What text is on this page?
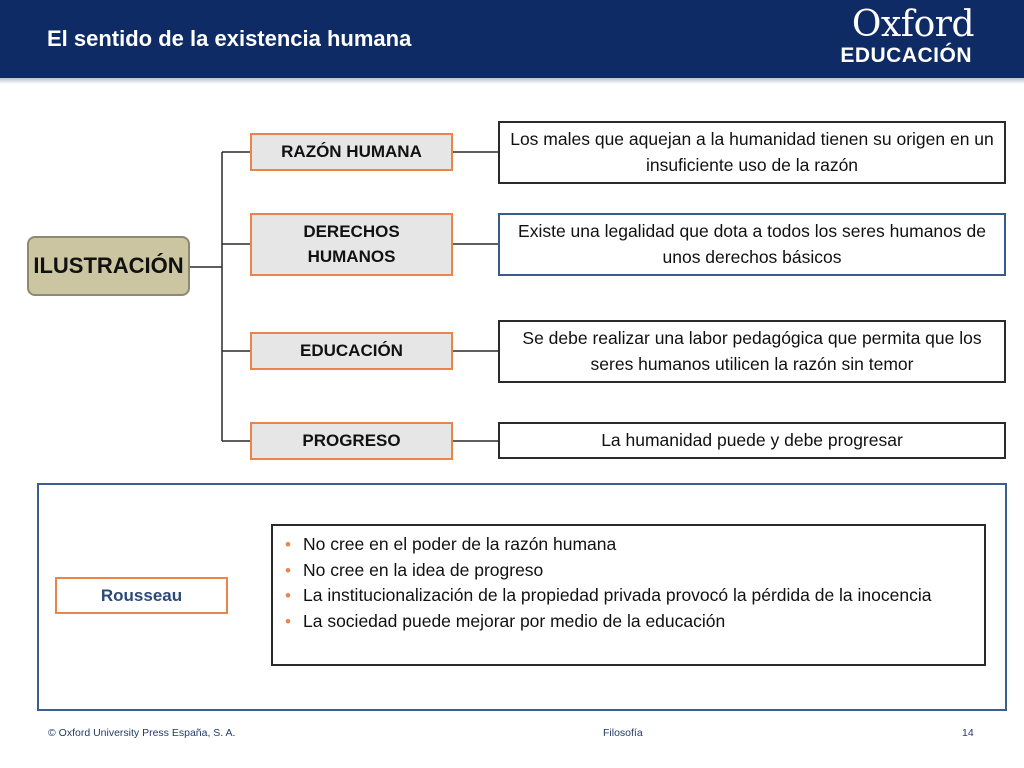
El sentido de la existencia humana	Oxford
EDUCACIÓN
ILUSTRACIÓN
RAZÓN HUMANA
DERECHOS HUMANOS
EDUCACIÓN
PROGRESO
Los males que aquejan a la humanidad tienen su origen en un insuficiente uso de la razón
Existe una legalidad que dota a todos los seres humanos de unos derechos básicos
Se debe realizar una labor pedagógica que permita que los seres humanos utilicen la razón sin temor
La humanidad puede y debe progresar
Rousseau
• No cree en el poder de la razón humana
• No cree en la idea de progreso
• La institucionalización de la propiedad privada provocó la pérdida de la inocencia
• La sociedad puede mejorar por medio de la educación
© Oxford University Press España, S. A.	Filosofía	14
